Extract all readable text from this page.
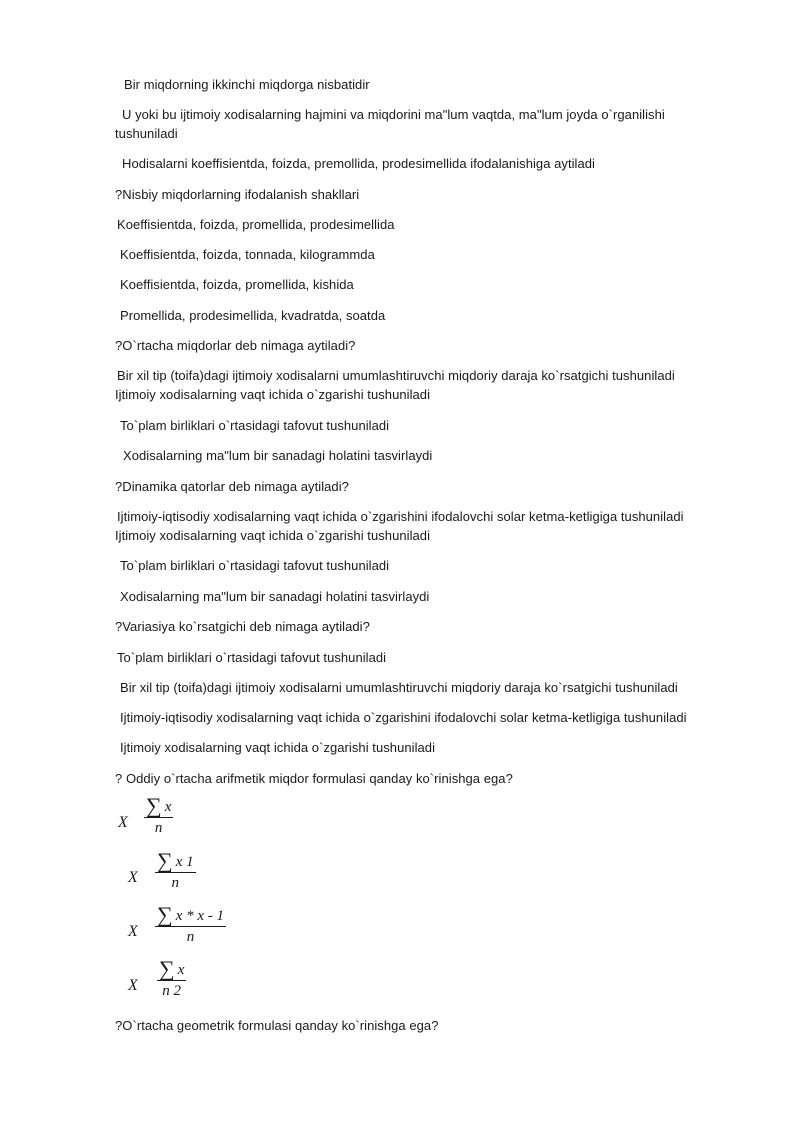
Bir miqdorning ikkinchi miqdorga nisbatidir
U yoki bu ijtimoiy xodisalarning hajmini va miqdorini ma"lum vaqtda, ma"lum joyda o`rganilishi
tushuniladi
Hodisalarni koeffisientda, foizda, premollida, prodesimellida ifodalanishiga aytiladi
?Nisbiy miqdorlarning ifodalanish shakllari
Koeffisientda, foizda, promellida, prodesimellida
Koeffisientda, foizda, tonnada, kilogrammda
Koeffisientda, foizda, promellida, kishida
Promellida, prodesimellida, kvadratda, soatda
?O`rtacha miqdorlar deb nimaga aytiladi?
Bir xil tip (toifa)dagi ijtimoiy xodisalarni umumlashtiruvchi miqdoriy daraja ko`rsatgichi tushuniladi
Ijtimoiy xodisalarning vaqt ichida o`zgarishi tushuniladi
To`plam birliklari o`rtasidagi tafovut tushuniladi
Xodisalarning ma"lum bir sanadagi holatini tasvirlaydi
?Dinamika qatorlar deb nimaga aytiladi?
Ijtimoiy-iqtisodiy xodisalarning vaqt ichida o`zgarishini ifodalovchi solar ketma-ketligiga tushuniladi
Ijtimoiy xodisalarning vaqt ichida o`zgarishi tushuniladi
To`plam birliklari o`rtasidagi tafovut tushuniladi
Xodisalarning ma"lum bir sanadagi holatini tasvirlaydi
?Variasiya ko`rsatgichi deb nimaga aytiladi?
To`plam birliklari o`rtasidagi tafovut tushuniladi
Bir xil tip (toifa)dagi ijtimoiy xodisalarni umumlashtiruvchi miqdoriy daraja ko`rsatgichi tushuniladi
Ijtimoiy-iqtisodiy xodisalarning vaqt ichida o`zgarishini ifodalovchi solar ketma-ketligiga tushuniladi
Ijtimoiy xodisalarning vaqt ichida o`zgarishi tushuniladi
? Oddiy o`rtacha arifmetik miqdor formulasi qanday ko`rinishga ega?
X $\frac{\sum x}{n}$
X $\frac{\sum x 1}{n}$
X $\frac{\sum x * x - 1}{n}$
X $\frac{\sum x}{n 2}$
?O`rtacha geometrik formulasi qanday ko`rinishga ega?
